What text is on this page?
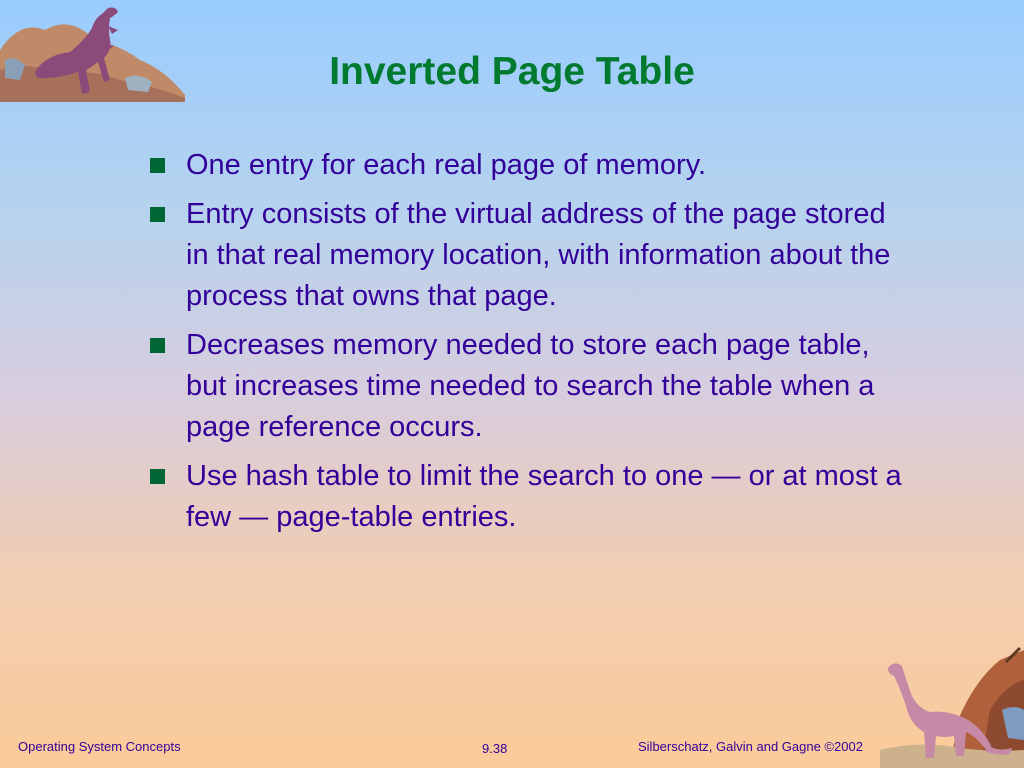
Inverted Page Table
One entry for each real page of memory.
Entry consists of the virtual address of the page stored in that real memory location, with information about the process that owns that page.
Decreases memory needed to store each page table, but increases time needed to search the table when a page reference occurs.
Use hash table to limit the search to one — or at most a few — page-table entries.
Operating System Concepts	9.38	Silberschatz, Galvin and Gagne ©2002
